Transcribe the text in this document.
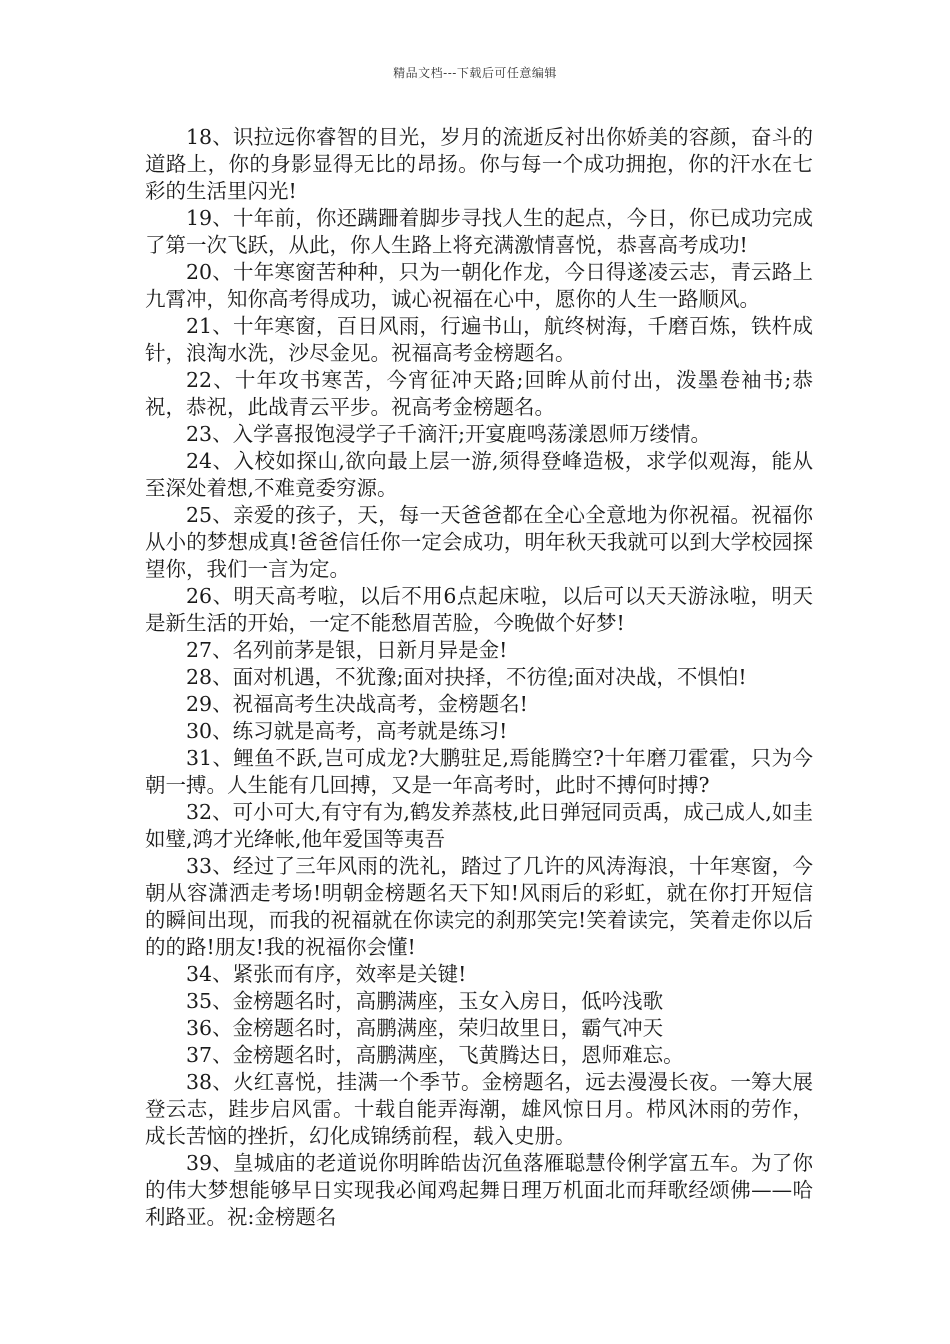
精品文档---下载后可任意编辑

18、识拉远你睿智的目光，岁月的流逝反衬出你娇美的容颜，奋斗的道路上，你的身影显得无比的昂扬。你与每一个成功拥抱，你的汗水在七彩的生活里闪光!

19、十年前，你还蹒跚着脚步寻找人生的起点，今日，你已成功完成了第一次飞跃，从此，你人生路上将充满激情喜悦，恭喜高考成功!

20、十年寒窗苦种种，只为一朝化作龙，今日得遂凌云志，青云路上九霄冲，知你高考得成功，诚心祝福在心中，愿你的人生一路顺风。

21、十年寒窗，百日风雨，行遍书山，航终树海，千磨百炼，铁杵成针，浪淘水洗，沙尽金见。祝福高考金榜题名。

22、十年攻书寒苦，今宵征冲天路;回眸从前付出，泼墨卷袖书;恭祝，恭祝，此战青云平步。祝高考金榜题名。

23、入学喜报饱浸学子千滴汗;开宴鹿鸣荡漾恩师万缕情。

24、入校如探山,欲向最上层一游,须得登峰造极，求学似观海，能从至深处着想,不难竟委穷源。

25、亲爱的孩子，天，每一天爸爸都在全心全意地为你祝福。祝福你从小的梦想成真!爸爸信任你一定会成功，明年秋天我就可以到大学校园探望你，我们一言为定。

26、明天高考啦，以后不用6点起床啦，以后可以天天游泳啦，明天是新生活的开始，一定不能愁眉苦脸，今晚做个好梦!

27、名列前茅是银，日新月异是金!

28、面对机遇，不犹豫;面对抉择，不彷徨;面对决战，不惧怕!

29、祝福高考生决战高考，金榜题名!

30、练习就是高考，高考就是练习!

31、鲤鱼不跃,岂可成龙?大鹏驻足,焉能腾空?十年磨刀霍霍，只为今朝一搏。人生能有几回搏，又是一年高考时，此时不搏何时搏?

32、可小可大,有守有为,鹤发养蒸枝,此日弹冠同贡禹，成己成人,如圭如璧,鸿才光绛帐,他年爱国等夷吾

33、经过了三年风雨的洗礼，踏过了几许的风涛海浪，十年寒窗，今朝从容潇洒走考场!明朝金榜题名天下知!风雨后的彩虹，就在你打开短信的瞬间出现，而我的祝福就在你读完的刹那笑完!笑着读完，笑着走你以后的的路!朋友!我的祝福你会懂!

34、紧张而有序，效率是关键!

35、金榜题名时，高鹏满座，玉女入房日，低吟浅歌

36、金榜题名时，高鹏满座，荣归故里日，霸气冲天

37、金榜题名时，高鹏满座，飞黄腾达日，恩师难忘。

38、火红喜悦，挂满一个季节。金榜题名，远去漫漫长夜。一筹大展登云志，跬步启风雷。十载自能弄海潮，雄风惊日月。栉风沐雨的劳作，成长苦恼的挫折，幻化成锦绣前程，载入史册。

39、皇城庙的老道说你明眸皓齿沉鱼落雁聪慧伶俐学富五车。为了你的伟大梦想能够早日实现我必闻鸡起舞日理万机面北而拜歌经颂佛——哈利路亚。祝:金榜题名
